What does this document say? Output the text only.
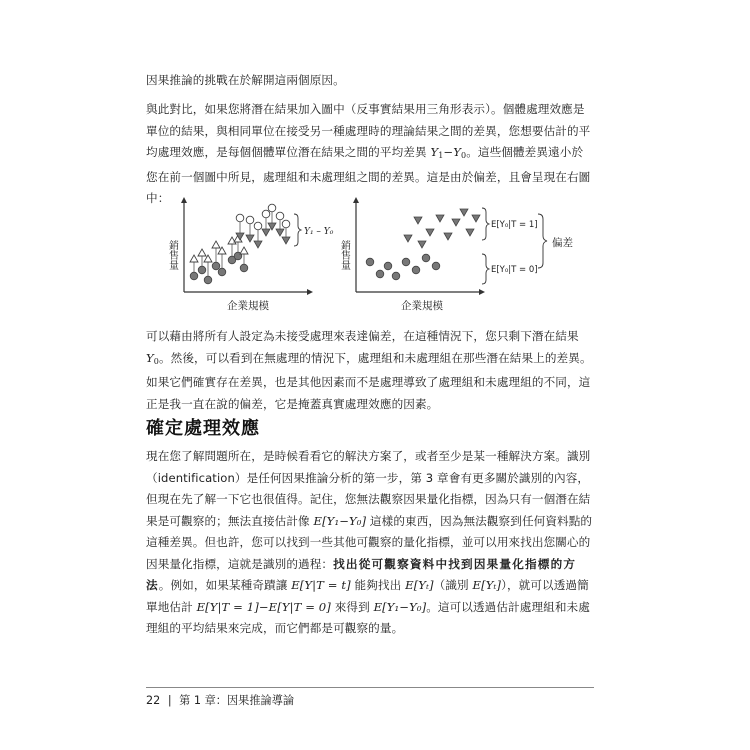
因果推論的挑戰在於解開這兩個原因。

與此對比，如果您將潛在結果加入圖中（反事實結果用三角形表示）。個體處理效應是單位的結果，與相同單位在接受另一種處理時的理論結果之間的差異，您想要估計的平均處理效應，是每個個體單位潛在結果之間的平均差異 $Y_1-Y_0$。這些個體差異遠小於您在前一個圖中所見，處理組和未處理組之間的差異。這是由於偏差，且會呈現在右圖中：

銷售量
企業規模
Y₁ – Y₀
銷售量
企業規模
E[Y₀|T = 1]
E[Y₀|T = 0]
偏差

可以藉由將所有人設定為未接受處理來表達偏差，在這種情況下，您只剩下潛在結果 $Y_0$。然後，可以看到在無處理的情況下，處理組和未處理組在那些潛在結果上的差異。如果它們確實存在差異，也是其他因素而不是處理導致了處理組和未處理組的不同，這正是我一直在說的偏差，它是掩蓋真實處理效應的因素。

確定處理效應

現在您了解問題所在，是時候看看它的解決方案了，或者至少是某一種解決方案。識別（identification）是任何因果推論分析的第一步，第 3 章會有更多關於識別的內容，但現在先了解一下它也很值得。記住，您無法觀察因果量化指標，因為只有一個潛在結果是可觀察的；無法直接估計像 E[Y₁−Y₀] 這樣的東西，因為無法觀察到任何資料點的這種差異。但也許，您可以找到一些其他可觀察的量化指標，並可以用來找出您關心的因果量化指標，這就是識別的過程：找出從可觀察資料中找到因果量化指標的方法。例如，如果某種奇蹟讓 E[Y|T = t] 能夠找出 E[Yₜ]（識別 E[Yₜ]），就可以透過簡單地估計 E[Y|T = 1]−E[Y|T = 0] 來得到 E[Y₁−Y₀]。這可以透過估計處理組和未處理組的平均結果來完成，而它們都是可觀察的量。

22 | 第 1 章：因果推論導論
